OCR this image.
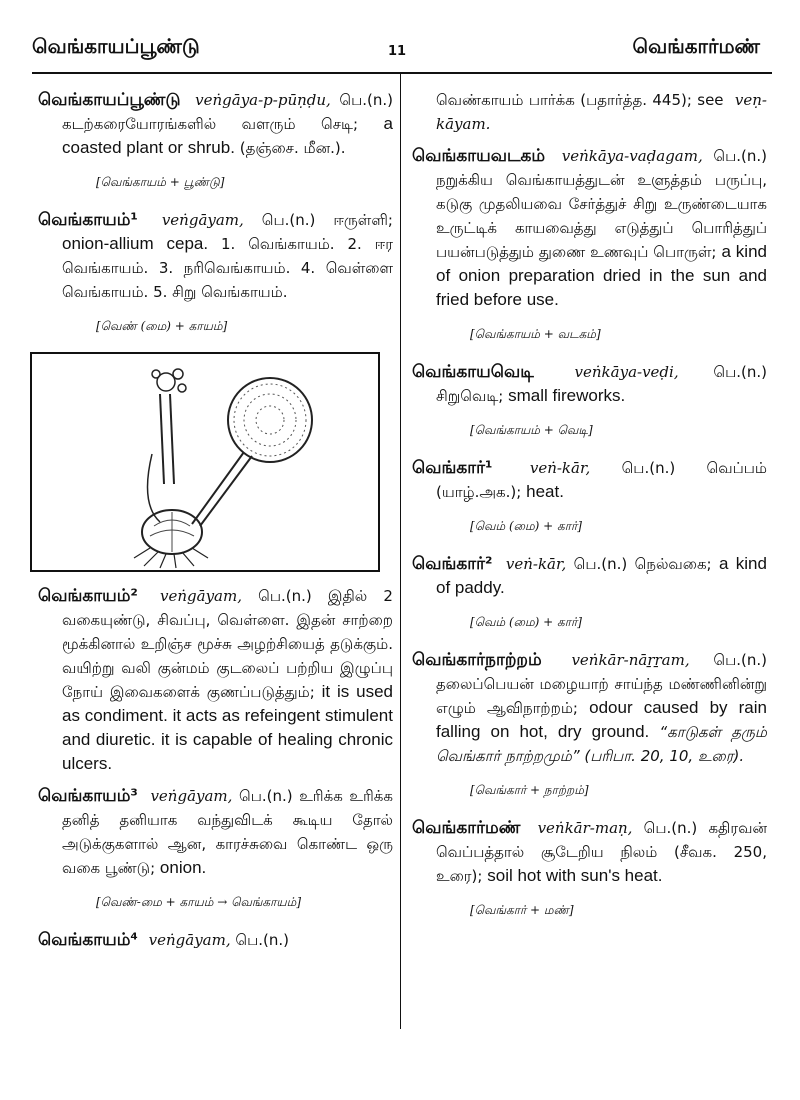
வெங்காயப்பூண்டு	11	வெங்கார்மண்
வெங்காயப்பூண்டு veṅgāya-p-pūṇḍu, பெ.(n.) கடற்கரையோரங்களில் வளரும் செடி; a coasted plant or shrub. (தஞ்சை. மீன.).
[வெங்காயம் + பூண்டு]
வெங்காயம்¹ veṅgāyam, பெ.(n.) ஈருள்ளி; onion-allium cepa. 1. வெங்காயம். 2. ஈர வெங்காயம். 3. நரிவெங்காயம். 4. வெள்ளை வெங்காயம். 5. சிறு வெங்காயம்.
[வெண் (மை) + காயம்]
வெங்காயம்² veṅgāyam, பெ.(n.) இதில் 2 வகையுண்டு, சிவப்பு, வெள்ளை. இதன் சாற்றை மூக்கினால் உறிஞ்ச மூச்சு அழற்சியைத் தடுக்கும். வயிற்று வலி குன்மம் குடலைப் பற்றிய இழுப்பு நோய் இவைகளைக் குணப்படுத்தும்; it is used as condiment. it acts as refeingent stimulent and diuretic. it is capable of healing chronic ulcers.
வெங்காயம்³ veṅgāyam, பெ.(n.) உரிக்க உரிக்க தனித் தனியாக வந்துவிடக் கூடிய தோல் அடுக்குகளால் ஆன, காரச்சுவை கொண்ட ஒரு வகை பூண்டு; onion.
[வெண்-மை + காயம் → வெங்காயம்]
வெங்காயம்⁴ veṅgāyam, பெ.(n.)
வெண்காயம் பார்க்க (பதார்த்த. 445); see veṇ-kāyam.
வெங்காயவடகம் veṅkāya-vaḍagam, பெ.(n.) நறுக்கிய வெங்காயத்துடன் உளுத்தம் பருப்பு, கடுகு முதலியவை சேர்த்துச் சிறு உருண்டையாக உருட்டிக் காயவைத்து எடுத்துப் பொரித்துப் பயன்படுத்தும் துணை உணவுப் பொருள்; a kind of onion preparation dried in the sun and fried before use.
[வெங்காயம் + வடகம்]
வெங்காயவெடி	veṅkāya-veḍi, பெ.(n.) சிறுவெடி; small fireworks.
[வெங்காயம் + வெடி]
வெங்கார்¹ veṅ-kār, பெ.(n.) வெப்பம் (யாழ்.அக.); heat.
[வெம் (மை) + கார்]
வெங்கார்² veṅ-kār, பெ.(n.) நெல்வகை; a kind of paddy.
[வெம் (மை) + கார்]
வெங்கார்நாற்றம் veṅkār-nāṟṟam, பெ.(n.) தலைப்பெயன் மழையாற் சாய்ந்த மண்ணினின்று எழும் ஆவிநாற்றம்; odour caused by rain falling on hot, dry ground. “காடுகள் தரும் வெங்கார் நாற்றமும்” (பரிபா. 20, 10, உரை).
[வெங்கார் + நாற்றம்]
வெங்கார்மண் veṅkār-maṇ, பெ.(n.) கதிரவன் வெப்பத்தால் சூடேறிய நிலம் (சீவக. 250, உரை); soil hot with sun's heat.
[வெங்கார் + மண்]
